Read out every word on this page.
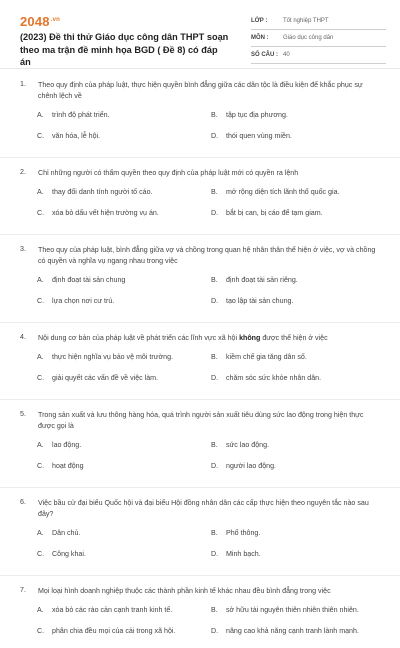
$2048^{.vn}$
(2023) Đề thi thử Giáo dục công dân THPT soạn theo ma trận đề minh họa BGD ( Đề 8) có đáp án
LỚP :	Tốt nghiệp THPT
MÔN :	Giáo dục công dân
SỐ CÂU : 40
1.	Theo quy định của pháp luật, thực hiện quyền bình đẳng giữa các dân tộc là điều kiện để khắc phục sự chênh lệch về
A.	trình độ phát triển.	B.	tập tục địa phương.
C.	văn hóa, lễ hội.	D.	thói quen vùng miền.
2.	Chỉ những người có thẩm quyền theo quy định của pháp luật mới có quyền ra lệnh
A.	thay đổi danh tính người tố cáo.	B.	mở rộng diện tích lãnh thổ quốc gia.
C.	xóa bỏ dấu vết hiện trường vụ án.	D.	bắt bị can, bị cáo để tạm giam.
3.	Theo quy của pháp luật, bình đẳng giữa vợ và chồng trong quan hệ nhân thân thể hiện ở việc, vợ và chồng có quyền và nghĩa vụ ngang nhau trong việc
A.	định đoạt tài sản chung	B.	định đoạt tài sản riêng.
C.	lựa chọn nơi cư trú.	D.	tạo lập tài sản chung.
4.	Nội dung cơ bản của pháp luật về phát triển các lĩnh vực xã hội không được thể hiện ở việc
A.	thực hiện nghĩa vụ bảo vệ môi trường.	B.	kiềm chế gia tăng dân số.
C.	giải quyết các vấn đề về việc làm.	D.	chăm sóc sức khỏe nhân dân.
5.	Trong sản xuất và lưu thông hàng hóa, quá trình người sản xuất tiêu dùng sức lao động trong hiện thực được gọi là
A.	lao động.	B.	sức lao động.
C.	hoạt động	D.	người lao động.
6.	Việc bầu cử đại biểu Quốc hội và đại biểu Hội đồng nhân dân các cấp thực hiện theo nguyên tắc nào sau đây?
A.	Dân chủ.	B.	Phổ thông.
C.	Công khai.	D.	Minh bạch.
7.	Mọi loại hình doanh nghiệp thuộc các thành phần kinh tế khác nhau đều bình đẳng trong việc
A.	xóa bỏ các rào cản cạnh tranh kinh tế.	B.	sở hữu tài nguyên thiên nhiên thiên nhiên.
C.	phân chia đều mọi của cải trong xã hội.	D.	nâng cao khả năng cạnh tranh lành mạnh.
